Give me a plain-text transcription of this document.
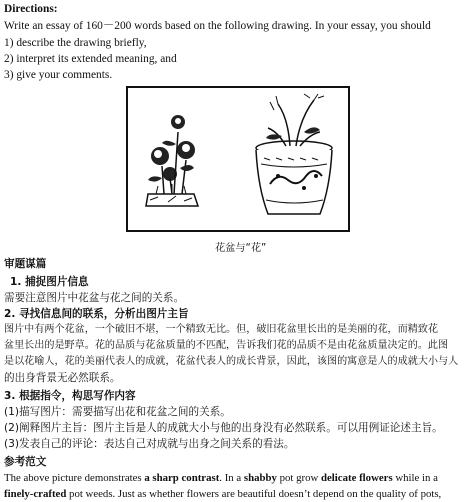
Directions:
Write an essay of 160－200 words based on the following drawing. In your essay, you should
1) describe the drawing briefly,
2) interpret its extended meaning, and
3) give your comments.
花盆与“花”
审题谋篇
1. 捕捉图片信息
需要注意图片中花盆与花之间的关系。
2. 寻找信息间的联系，分析出图片主旨
图片中有两个花盆，一个破旧不堪，一个精致无比。但，破旧花盆里长出的是美丽的花，而精致花
盆里长出的是野草。花的品质与花盆质量的不匹配，告诉我们花的品质不是由花盆质量决定的。此图
是以花喻人，花的美丽代表人的成就，花盆代表人的成长背景，因此，该图的寓意是人的成就大小与人
的出身背景无必然联系。
3. 根据指令，构思写作内容
(1)描写图片：需要描写出花和花盆之间的关系。
(2)阐释图片主旨：图片主旨是人的成就大小与他的出身没有必然联系。可以用例证论述主旨。
(3)发表自己的评论：表达自己对成就与出身之间关系的看法。
参考范文
The above picture demonstrates a sharp contrast. In a shabby pot grow delicate flowers while in a
finely-crafted pot weeds. Just as whether flowers are beautiful doesn’t depend on the quality of pots,
